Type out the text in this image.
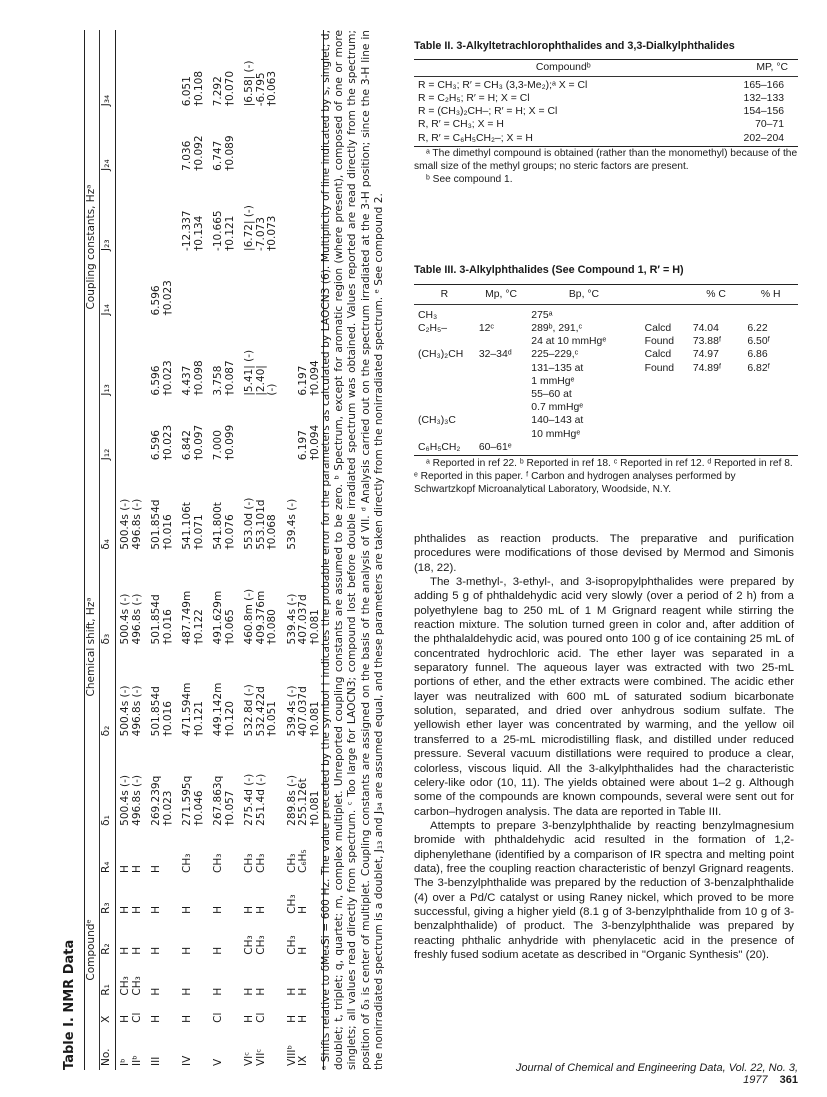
Table I. NMR Data Compoundᵉ						Chemical shift, Hzᵃ				Coupling constants, Hzᵃ					
No.	X	R₁	R₂	R₃	R₄	δ₁	δ₂	δ₃	δ₄	J₁₂	J₁₃	J₁₄	J₂₃	J₂₄	J₃₄
Iᵇ	H	CH₃	H	H	H	500.4s (-)	500.4s (-)	500.4s (-)	500.4s (-)						
IIᵇ	Cl	CH₃	H	H	H	496.8s (-)	496.8s (-)	496.8s (-)	496.8s (-)						
III	H	H	H	H	H	269.239q	501.854d	501.854d	501.854d	6.596	6.596	6.596			
						†0.023	†0.016	†0.016	†0.016	†0.023	†0.023	†0.023			
IV	H	H	H	H	CH₃	271.595q	471.594m	487.749m	541.106t	6.842	4.437		-12.337	7.036	6.051
						†0.046	†0.121	†0.122	†0.071	†0.097	†0.098		†0.134	†0.092	†0.108
V	Cl	H	H	H	CH₃	267.863q	449.142m	491.629m	541.800t	7.000	3.758		-10.665	6.747	7.292
						†0.057	†0.120	†0.065	†0.076	†0.099	†0.087		†0.121	†0.089	†0.070
VIᶜ	H	H	CH₃	H	CH₃	275.4d (-)	532.8d (-)	460.8m (-)	553.0d (-)		|5.41| (-)		|6.72| (-)		|6.58| (-)
VIIᶜ	Cl	H	CH₃	H	CH₃	251.4d (-)	532.422d	409.376m	553.101d		|2.40|		-7.073		-6.795
							†0.051	†0.080	†0.068		(-)		†0.073		†0.063
VIIIᵇ	H	H	CH₃	CH₃	CH₃	289.8s (-)	539.4s (-)	539.4s (-)	539.4s (-)						
IX	H	H	H	H	C₆H₅	255.126t	407.037d	407.037d		6.197	6.197				
						†0.081	†0.081	†0.081		†0.094	†0.094				ᵃ Shifts relative to δMe₄Si = 600 Hz. The value preceded by the symbol † indicates the probable error for the parameters as calculated by LAOCN3 (6). Multiplicity of line indicated by s, singlet; d, doublet; t, triplet; q, quartet; m, complex multiplet. Unreported coupling constants are assumed to be zero. ᵇ Spectrum, except for aromatic region (where present), composed of one or more singlets; all values read directly from spectrum. ᶜ Too large for LAOCN3; compound lost before double irradiated spectrum was obtained. Values reported are read directly from the spectrum; position of δ₃ is center of multiplet. Coupling constants are assigned on the basis of the analysis of VII. ᵈ Analysis carried out on the spectrum irradiated at the 3-H position; since the 3-H line in the nonirradiated spectrum is a doublet, J₁₃ and J₃₄ are assumed equal, and these parameters are taken directly from the nonirradiated spectrum. ᵉ See compound 2.
Table II. 3-Alkyltetrachlorophthalides and 3,3-Dialkylphthalides
Compoundᵇ	MP, °C
R = CH₃; R′ = CH₃ (3,3-Me₂);ᵃ X = Cl	165–166
R = C₂H₅; R′ = H; X = Cl	132–133
R = (CH₃)₂CH–; R′ = H; X = Cl	154–156
R, R′ = CH₃; X = H	70–71
R, R′ = C₆H₅CH₂–; X = H	202–204
ᵃ The dimethyl compound is obtained (rather than the monomethyl) because of the small size of the methyl groups; no steric factors are present.
ᵇ See compound 1.
Table III. 3-Alkylphthalides (See Compound 1, R′ = H)
R	Mp, °C	Bp, °C		% C	% H
CH₃		275ᵃ			
C₂H₅–	12ᶜ	289ᵇ, 291,ᶜ	Calcd	74.04	6.22
		24 at 10 mmHgᵉ	Found	73.88ᶠ	6.50ᶠ
(CH₃)₂CH	32–34ᵈ	225–229,ᶜ	Calcd	74.97	6.86
		131–135 at	Found	74.89ᶠ	6.82ᶠ
		1 mmHgᵉ			
		55–60 at			
		0.7 mmHgᵉ			
(CH₃)₃C		140–143 at			
		10 mmHgᵉ			
C₆H₅CH₂	60–61ᵉ				
ᵃ Reported in ref 22. ᵇ Reported in ref 18. ᶜ Reported in ref 12. ᵈ Reported in ref 8. ᵉ Reported in this paper. ᶠ Carbon and hydrogen analyses performed by Schwartzkopf Microanalytical Laboratory, Woodside, N.Y.

phthalides as reaction products. The preparative and purification procedures were modifications of those devised by Mermod and Simonis (18, 22).

The 3-methyl-, 3-ethyl-, and 3-isopropylphthalides were prepared by adding 5 g of phthaldehydic acid very slowly (over a period of 2 h) from a polyethylene bag to 250 mL of 1 M Grignard reagent while stirring the reaction mixture. The solution turned green in color and, after addition of the phthalaldehydic acid, was poured onto 100 g of ice containing 25 mL of concentrated hydrochloric acid. The ether layer was separated in a separatory funnel. The aqueous layer was extracted with two 25-mL portions of ether, and the ether extracts were combined. The acidic ether layer was neutralized with 600 mL of saturated sodium bicarbonate solution, separated, and dried over anhydrous sodium sulfate. The yellowish ether layer was concentrated by warming, and the yellow oil transferred to a 25-mL microdistilling flask, and distilled under reduced pressure. Several vacuum distillations were required to produce a clear, colorless, viscous liquid. All the 3-alkylphthalides had the characteristic celery-like odor (10, 11). The yields obtained were about 1–2 g. Although some of the compounds are known compounds, several were sent out for carbon–hydrogen analysis. The data are reported in Table III.

Attempts to prepare 3-benzylphthalide by reacting benzylmagnesium bromide with phthaldehydic acid resulted in the formation of 1,2-diphenylethane (identified by a comparison of IR spectra and melting point data), free the coupling reaction characteristic of benzyl Grignard reagents. The 3-benzylphthalide was prepared by the reduction of 3-benzalphthalide (4) over a Pd/C catalyst or using Raney nickel, which proved to be more successful, giving a higher yield (8.1 g of 3-benzylphthalide from 10 g of 3-benzalphthalide) of product. The 3-benzylphthalide was prepared by reacting phthalic anhydride with phenylacetic acid in the presence of freshly fused sodium acetate as described in "Organic Synthesis" (20).

Journal of Chemical and Engineering Data, Vol. 22, No. 3, 1977 361
